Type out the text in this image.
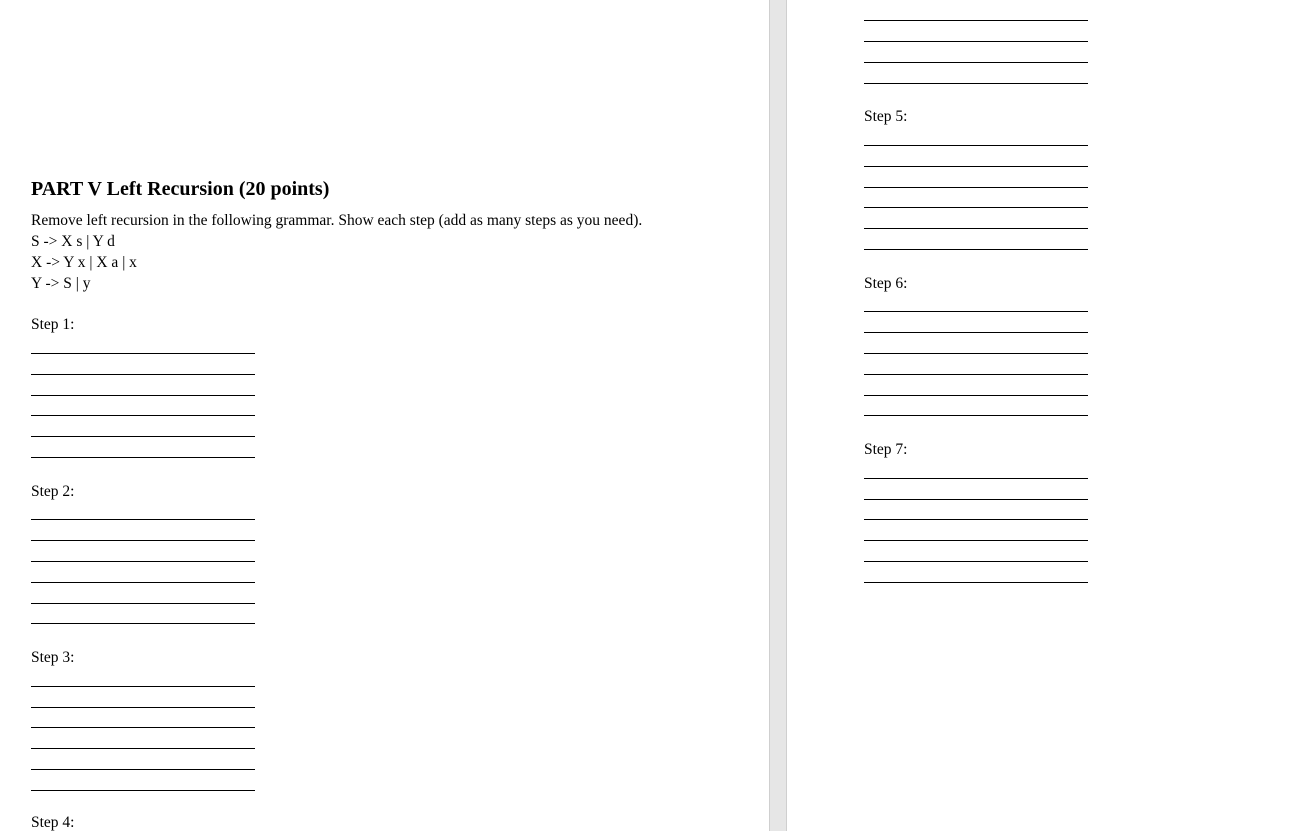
PART V Left Recursion (20 points)
Remove left recursion in the following grammar. Show each step (add as many steps as you need).
S -> X s | Y d
X -> Y x | X a | x
Y -> S | y
Step 1:
Step 2:
Step 3:
Step 4:
Step 5:
Step 6:
Step 7:
